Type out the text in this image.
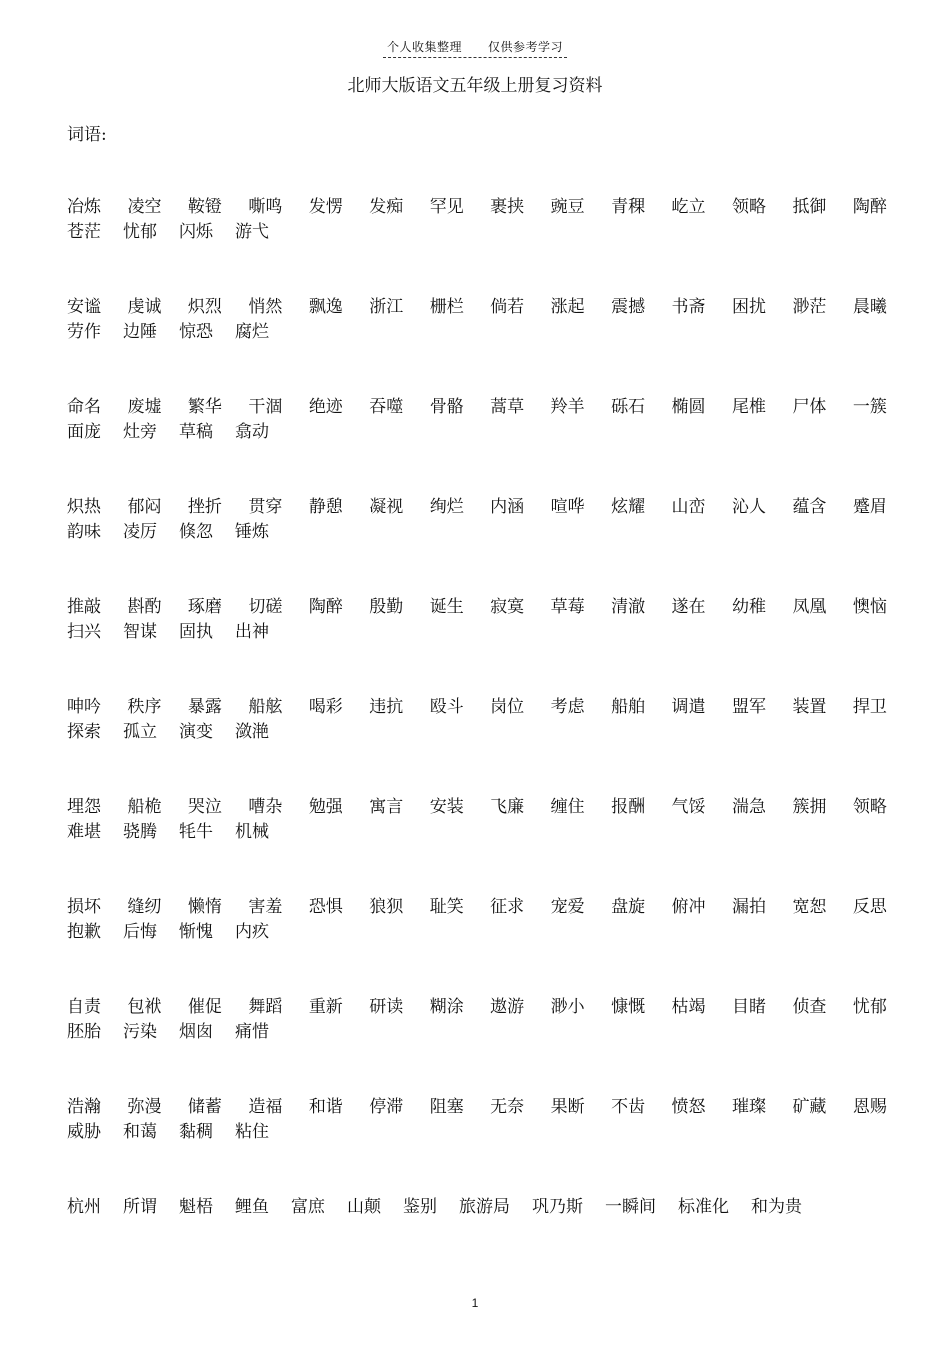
个人收集整理 仅供参考学习
北师大版语文五年级上册复习资料
词语:
冶炼 凌空 鞍镫 嘶鸣 发愣 发痴 罕见 裹挟 豌豆 青稞 屹立 领略 抵御 陶醉
苍茫 忧郁 闪烁 游弋
安谧 虔诚 炽烈 悄然 飘逸 浙江 栅栏 倘若 涨起 震撼 书斋 困扰 渺茫 晨曦
劳作 边陲 惊恐 腐烂
命名 废墟 繁华 干涸 绝迹 吞噬 骨骼 蒿草 羚羊 砾石 椭圆 尾椎 尸体 一簇
面庞 灶旁 草稿 翕动
炽热 郁闷 挫折 贯穿 静憩 凝视 绚烂 内涵 喧哗 炫耀 山峦 沁人 蕴含 蹙眉
韵味 凌厉 倏忽 锤炼
推敲 斟酌 琢磨 切磋 陶醉 殷勤 诞生 寂寞 草莓 清澈 遂在 幼稚 凤凰 懊恼
扫兴 智谋 固执 出神
呻吟 秩序 暴露 船舷 喝彩 违抗 殴斗 岗位 考虑 船舶 调遣 盟军 装置 捍卫
探索 孤立 演变 潋滟
埋怨 船桅 哭泣 嘈杂 勉强 寓言 安装 飞廉 缠住 报酬 气馁 湍急 簇拥 领略
难堪 骁腾 牦牛 机械
损坏 缝纫 懒惰 害羞 恐惧 狼狈 耻笑 征求 宠爱 盘旋 俯冲 漏拍 宽恕 反思
抱歉 后悔 惭愧 内疚
自责 包袱 催促 舞蹈 重新 研读 糊涂 遨游 渺小 慷慨 枯竭 目睹 侦查 忧郁
胚胎 污染 烟囱 痛惜
浩瀚 弥漫 储蓄 造福 和谐 停滞 阻塞 无奈 果断 不齿 愤怒 璀璨 矿藏 恩赐
威胁 和蔼 黏稠 粘住
杭州 所谓 魁梧 鲤鱼 富庶 山颠 鉴别 旅游局 巩乃斯 一瞬间 标准化 和为贵
1
